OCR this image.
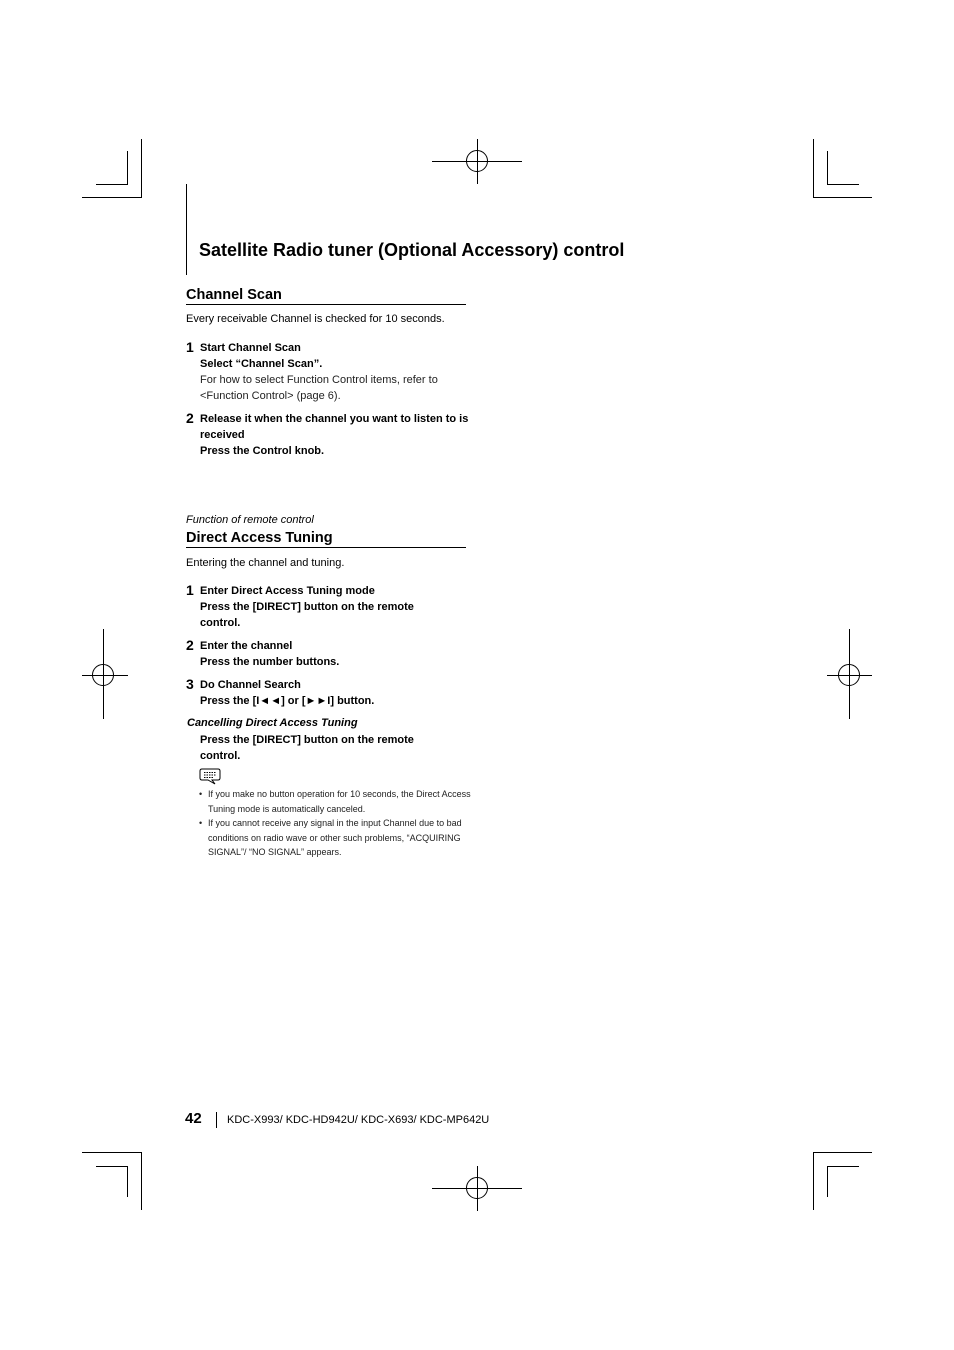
Satellite Radio tuner (Optional Accessory) control
Channel Scan
Every receivable Channel is checked for 10 seconds.
1 Start Channel Scan
Select “Channel Scan”.
For how to select Function Control items, refer to <Function Control> (page 6).
2 Release it when the channel you want to listen to is received
Press the Control knob.
Function of remote control
Direct Access Tuning
Entering the channel and tuning.
1 Enter Direct Access Tuning mode
Press the [DIRECT] button on the remote control.
2 Enter the channel
Press the number buttons.
3 Do Channel Search
Press the [I◄◄] or [►►I] button.
Cancelling Direct Access Tuning
Press the [DIRECT] button on the remote control.
• If you make no button operation for 10 seconds, the Direct Access Tuning mode is automatically canceled.
• If you cannot receive any signal in the input Channel due to bad conditions on radio wave or other such problems, “ACQUIRING SIGNAL”/ “NO SIGNAL” appears.
42 KDC-X993/ KDC-HD942U/ KDC-X693/ KDC-MP642U
